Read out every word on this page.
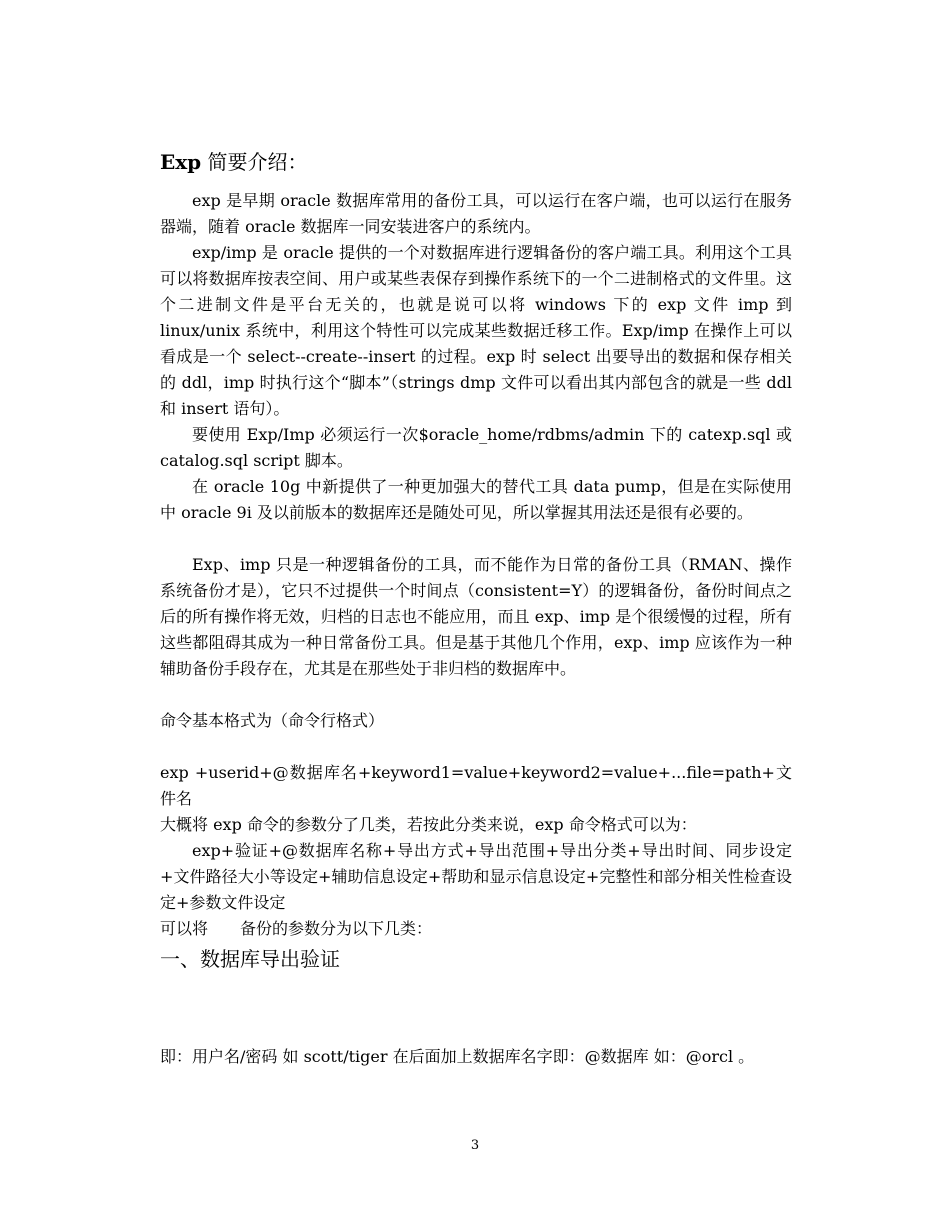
Exp 简要介绍：

exp 是早期 oracle 数据库常用的备份工具，可以运行在客户端，也可以运行在服务器端，随着 oracle 数据库一同安装进客户的系统内。

exp/imp 是 oracle 提供的一个对数据库进行逻辑备份的客户端工具。利用这个工具可以将数据库按表空间、用户或某些表保存到操作系统下的一个二进制格式的文件里。这个二进制文件是平台无关的，也就是说可以将 windows 下的 exp 文件 imp 到 linux/unix 系统中，利用这个特性可以完成某些数据迁移工作。Exp/imp 在操作上可以看成是一个 select--create--insert 的过程。exp 时 select 出要导出的数据和保存相关的 ddl，imp 时执行这个“脚本”（strings dmp 文件可以看出其内部包含的就是一些 ddl 和 insert 语句）。

要使用 Exp/Imp 必须运行一次$oracle_home/rdbms/admin 下的 catexp.sql 或 catalog.sql script 脚本。

在 oracle 10g 中新提供了一种更加强大的替代工具 data pump，但是在实际使用中 oracle 9i 及以前版本的数据库还是随处可见，所以掌握其用法还是很有必要的。

Exp、imp 只是一种逻辑备份的工具，而不能作为日常的备份工具（RMAN、操作系统备份才是），它只不过提供一个时间点（consistent=Y）的逻辑备份，备份时间点之后的所有操作将无效，归档的日志也不能应用，而且 exp、imp 是个很缓慢的过程，所有这些都阻碍其成为一种日常备份工具。但是基于其他几个作用，exp、imp 应该作为一种辅助备份手段存在，尤其是在那些处于非归档的数据库中。

命令基本格式为（命令行格式）

exp +userid+@数据库名+keyword1=value+keyword2=value+...file=path+文件名

大概将 exp 命令的参数分了几类，若按此分类来说，exp 命令格式可以为：

exp+验证+@数据库名称+导出方式+导出范围+导出分类+导出时间、同步设定+文件路径大小等设定+辅助信息设定+帮助和显示信息设定+完整性和部分相关性检查设定+参数文件设定

可以将　　备份的参数分为以下几类：

一、数据库导出验证

即：用户名/密码 如 scott/tiger 在后面加上数据库名字即：@数据库 如：@orcl 。

3
